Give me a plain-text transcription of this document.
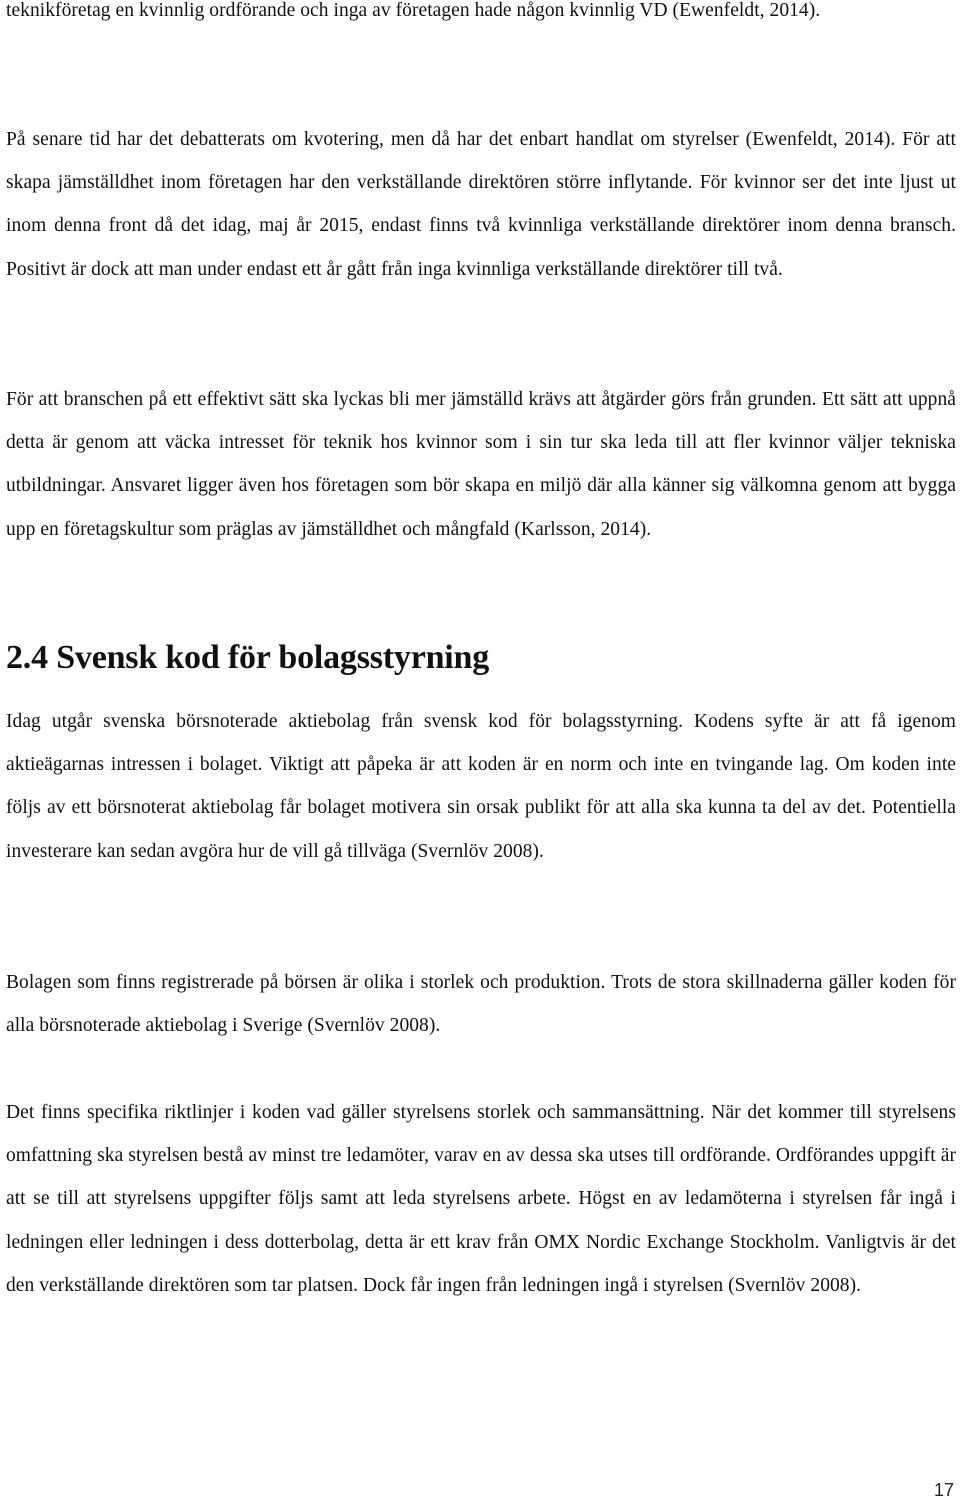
teknikföretag en kvinnlig ordförande och inga av företagen hade någon kvinnlig VD (Ewenfeldt, 2014).

På senare tid har det debatterats om kvotering, men då har det enbart handlat om styrelser (Ewenfeldt, 2014). För att skapa jämställdhet inom företagen har den verkställande direktören större inflytande. För kvinnor ser det inte ljust ut inom denna front då det idag, maj år 2015, endast finns två kvinnliga verkställande direktörer inom denna bransch. Positivt är dock att man under endast ett år gått från inga kvinnliga verkställande direktörer till två.

För att branschen på ett effektivt sätt ska lyckas bli mer jämställd krävs att åtgärder görs från grunden. Ett sätt att uppnå detta är genom att väcka intresset för teknik hos kvinnor som i sin tur ska leda till att fler kvinnor väljer tekniska utbildningar. Ansvaret ligger även hos företagen som bör skapa en miljö där alla känner sig välkomna genom att bygga upp en företagskultur som präglas av jämställdhet och mångfald (Karlsson, 2014).

2.4 Svensk kod för bolagsstyrning

Idag utgår svenska börsnoterade aktiebolag från svensk kod för bolagsstyrning. Kodens syfte är att få igenom aktieägarnas intressen i bolaget. Viktigt att påpeka är att koden är en norm och inte en tvingande lag. Om koden inte följs av ett börsnoterat aktiebolag får bolaget motivera sin orsak publikt för att alla ska kunna ta del av det. Potentiella investerare kan sedan avgöra hur de vill gå tillväga (Svernlöv 2008).

Bolagen som finns registrerade på börsen är olika i storlek och produktion. Trots de stora skillnaderna gäller koden för alla börsnoterade aktiebolag i Sverige (Svernlöv 2008).

Det finns specifika riktlinjer i koden vad gäller styrelsens storlek och sammansättning. När det kommer till styrelsens omfattning ska styrelsen bestå av minst tre ledamöter, varav en av dessa ska utses till ordförande. Ordförandes uppgift är att se till att styrelsens uppgifter följs samt att leda styrelsens arbete. Högst en av ledamöterna i styrelsen får ingå i ledningen eller ledningen i dess dotterbolag, detta är ett krav från OMX Nordic Exchange Stockholm. Vanligtvis är det den verkställande direktören som tar platsen. Dock får ingen från ledningen ingå i styrelsen (Svernlöv 2008).

17
